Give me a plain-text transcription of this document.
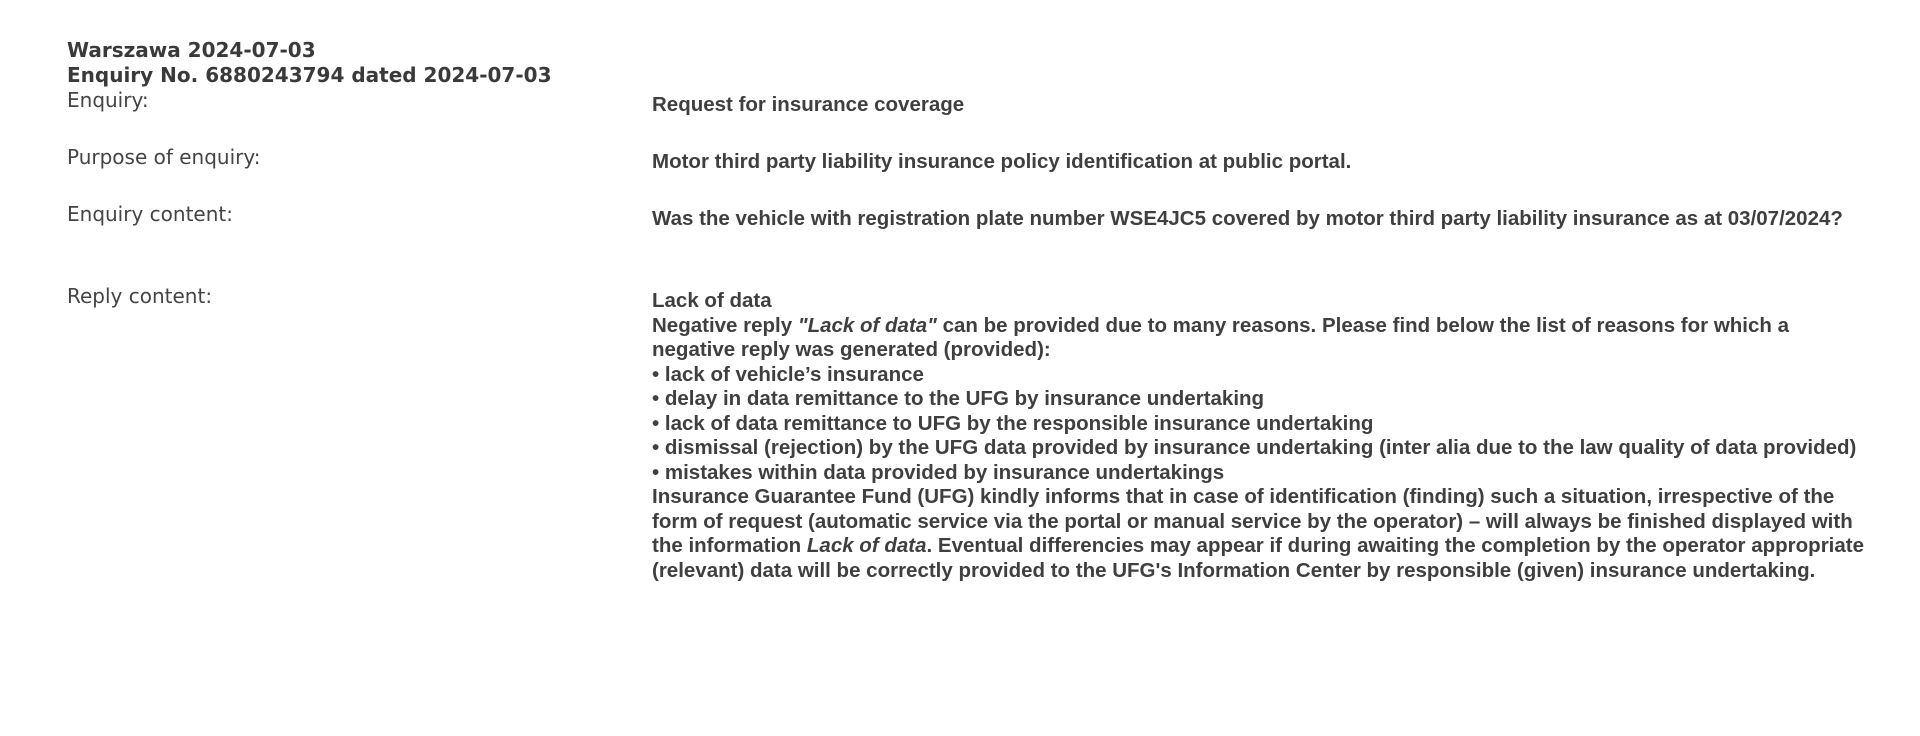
Warszawa 2024-07-03
Enquiry No. 6880243794 dated 2024-07-03
Enquiry:	Request for insurance coverage
Purpose of enquiry:	Motor third party liability insurance policy identification at public portal.
Enquiry content:	Was the vehicle with registration plate number WSE4JC5 covered by motor third party liability insurance as at 03/07/2024?
Reply content:	Lack of data

Negative reply "Lack of data" can be provided due to many reasons. Please find below the list of reasons for which a negative reply was generated (provided):

• lack of vehicle’s insurance
• delay in data remittance to the UFG by insurance undertaking
• lack of data remittance to UFG by the responsible insurance undertaking
• dismissal (rejection) by the UFG data provided by insurance undertaking (inter alia due to the law quality of data provided)
• mistakes within data provided by insurance undertakings

Insurance Guarantee Fund (UFG) kindly informs that in case of identification (finding) such a situation, irrespective of the form of request (automatic service via the portal or manual service by the operator) – will always be finished displayed with the information Lack of data. Eventual differencies may appear if during awaiting the completion by the operator appropriate (relevant) data will be correctly provided to the UFG's Information Center by responsible (given) insurance undertaking.
